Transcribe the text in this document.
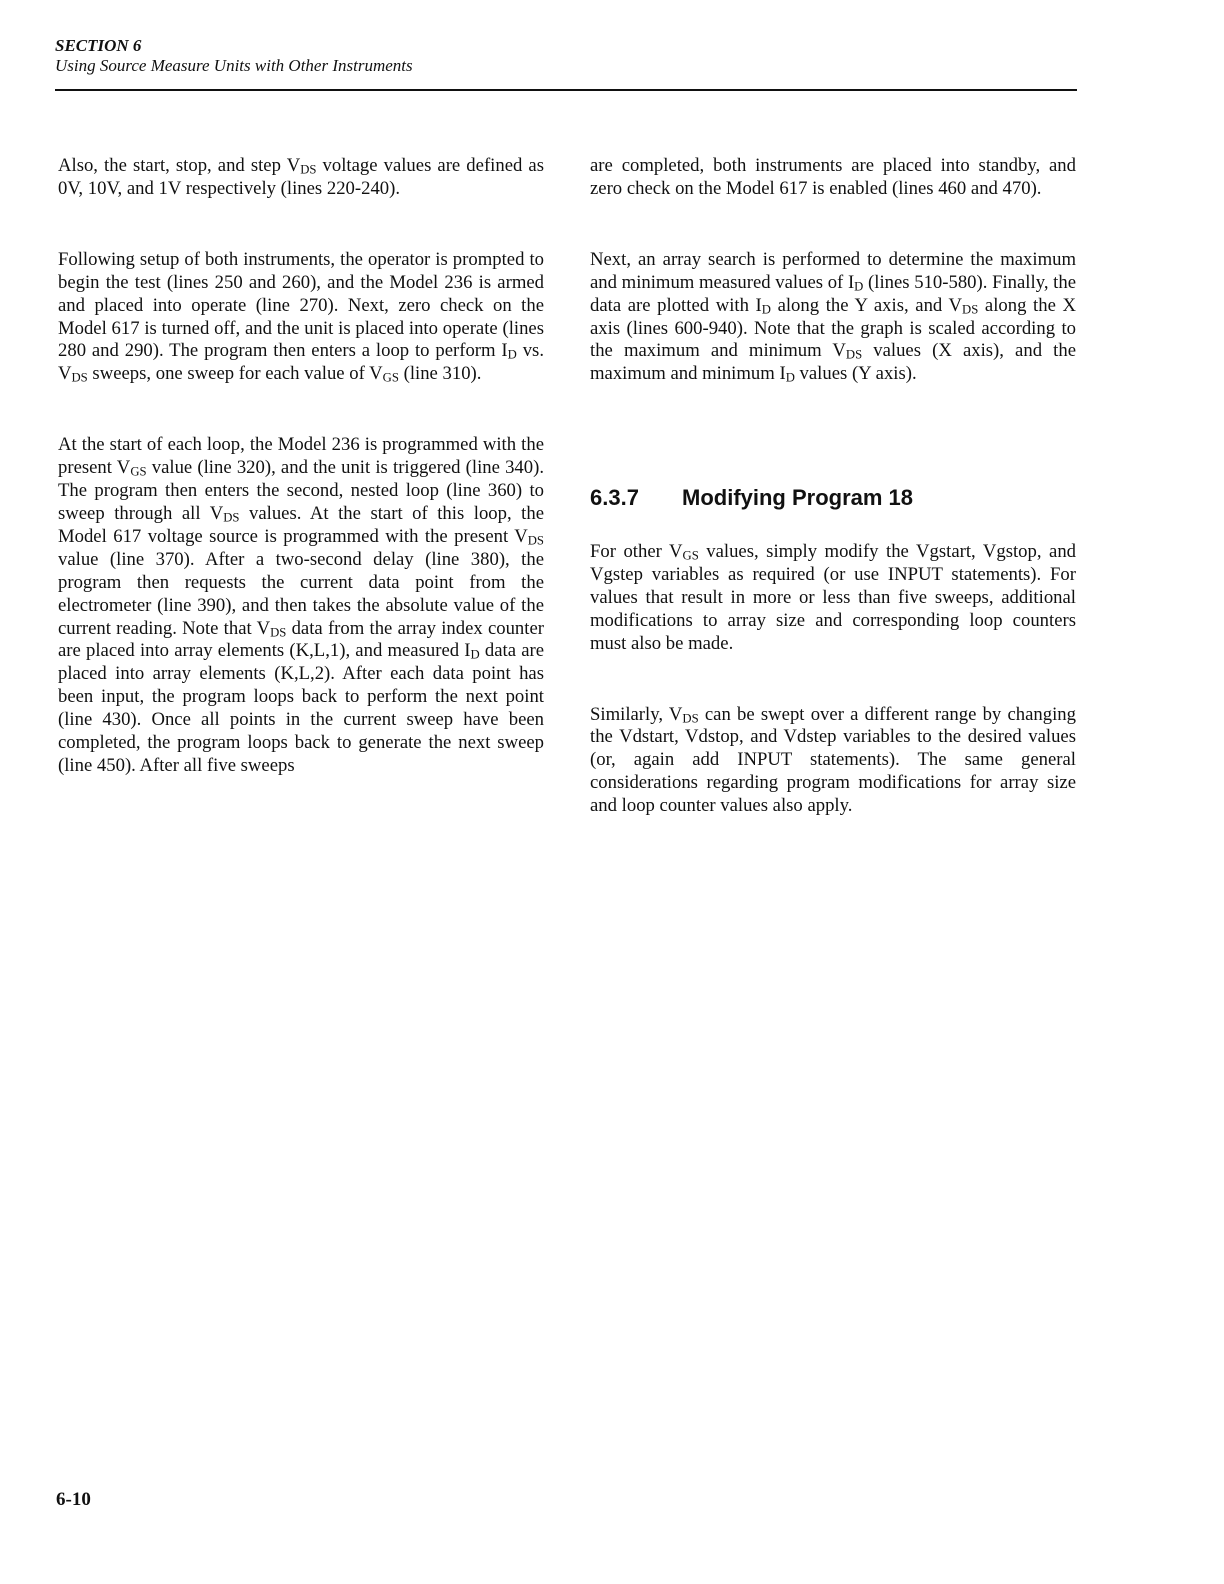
SECTION 6
Using Source Measure Units with Other Instruments

Also, the start, stop, and step $V_{DS}$ voltage values are defined as 0V, 10V, and 1V respectively (lines 220-240).

Following setup of both instruments, the operator is prompted to begin the test (lines 250 and 260), and the Model 236 is armed and placed into operate (line 270). Next, zero check on the Model 617 is turned off, and the unit is placed into operate (lines 280 and 290). The program then enters a loop to perform $I_D$ vs. $V_{DS}$ sweeps, one sweep for each value of $V_{GS}$ (line 310).

At the start of each loop, the Model 236 is programmed with the present $V_{GS}$ value (line 320), and the unit is triggered (line 340). The program then enters the second, nested loop (line 360) to sweep through all $V_{DS}$ values. At the start of this loop, the Model 617 voltage source is programmed with the present $V_{DS}$ value (line 370). After a two-second delay (line 380), the program then requests the current data point from the electrometer (line 390), and then takes the absolute value of the current reading. Note that $V_{DS}$ data from the array index counter are placed into array elements (K,L,1), and measured $I_D$ data are placed into array elements (K,L,2). After each data point has been input, the program loops back to perform the next point (line 430). Once all points in the current sweep have been completed, the program loops back to generate the next sweep (line 450). After all five sweeps

are completed, both instruments are placed into standby, and zero check on the Model 617 is enabled (lines 460 and 470).

Next, an array search is performed to determine the maximum and minimum measured values of $I_D$ (lines 510-580). Finally, the data are plotted with $I_D$ along the Y axis, and $V_{DS}$ along the X axis (lines 600-940). Note that the graph is scaled according to the maximum and minimum $V_{DS}$ values (X axis), and the maximum and minimum $I_D$ values (Y axis).

6.3.7 Modifying Program 18

For other $V_{GS}$ values, simply modify the Vgstart, Vgstop, and Vgstep variables as required (or use INPUT statements). For values that result in more or less than five sweeps, additional modifications to array size and corresponding loop counters must also be made.

Similarly, $V_{DS}$ can be swept over a different range by changing the Vdstart, Vdstop, and Vdstep variables to the desired values (or, again add INPUT statements). The same general considerations regarding program modifications for array size and loop counter values also apply.

6-10
